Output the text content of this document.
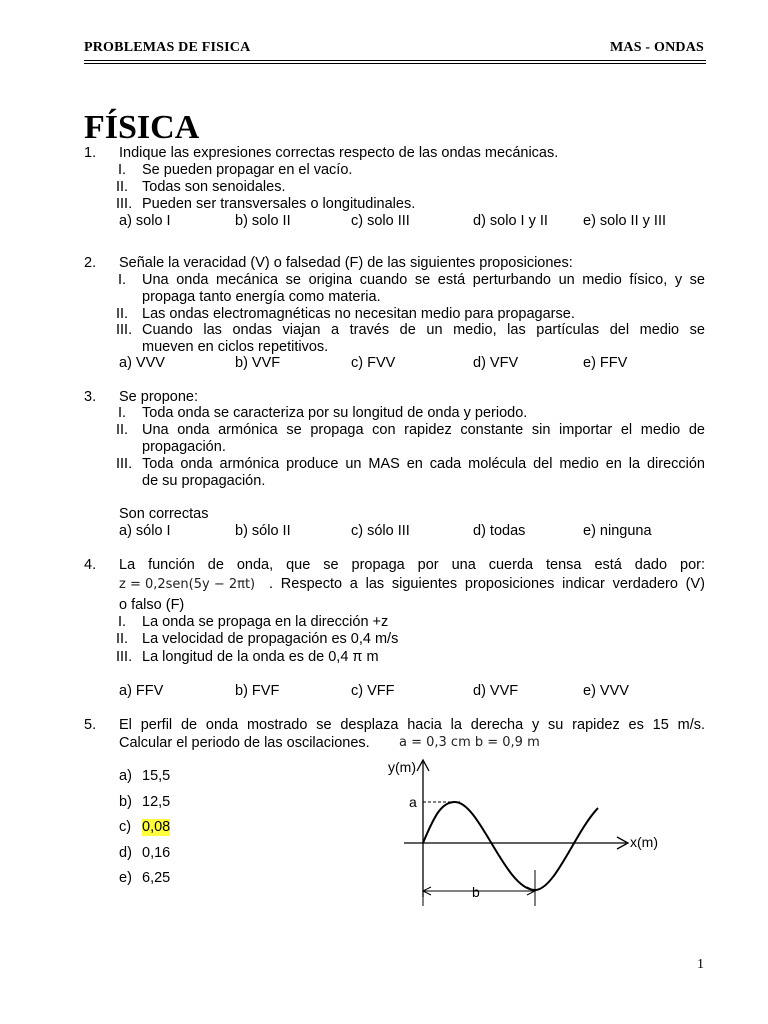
PROBLEMAS DE FISICA	MAS - ONDAS
FÍSICA
1. Indique las expresiones correctas respecto de las ondas mecánicas.
I. Se pueden propagar en el vacío.
II. Todas son senoidales.
III. Pueden ser transversales o longitudinales.
a) solo I	b) solo II	c) solo III	d) solo I y II e) solo II y III
2. Señale la veracidad (V) o falsedad (F) de las siguientes proposiciones:
I. Una onda mecánica se origina cuando se está perturbando un medio físico, y se
propaga tanto energía como materia.
II. Las ondas electromagnéticas no necesitan medio para propagarse.
III. Cuando las ondas viajan a través de un medio, las partículas del medio se
mueven en ciclos repetitivos.
a) VVV	b) VVF	c) FVV	d) VFV	e) FFV
3. Se propone:
I. Toda onda se caracteriza por su longitud de onda y periodo.
II. Una onda armónica se propaga con rapidez constante sin importar el medio de
propagación.
III. Toda onda armónica produce un MAS en cada molécula del medio en la dirección
de su propagación.
Son correctas
a) sólo I	b) sólo II	c) sólo III	d) todas	e) ninguna
4. La función de onda, que se propaga por una cuerda tensa está dado por:
z = 0,2sen(5y − 2πt) . Respecto a las siguientes proposiciones indicar verdadero (V)
o falso (F)
I. La onda se propaga en la dirección +z
II. La velocidad de propagación es 0,4 m/s
III. La longitud de la onda es de 0,4 π m
a) FFV	b) FVF	c) VFF	d) VVF	e) VVV
5. El perfil de onda mostrado se desplaza hacia la derecha y su rapidez es 15 m/s.
Calcular el periodo de las oscilaciones. a = 0,3 cm b = 0,9 m
a) 15,5
b) 12,5
c) 0,08
d) 0,16
e) 6,25
y(m)
x(m)
a
b
1
